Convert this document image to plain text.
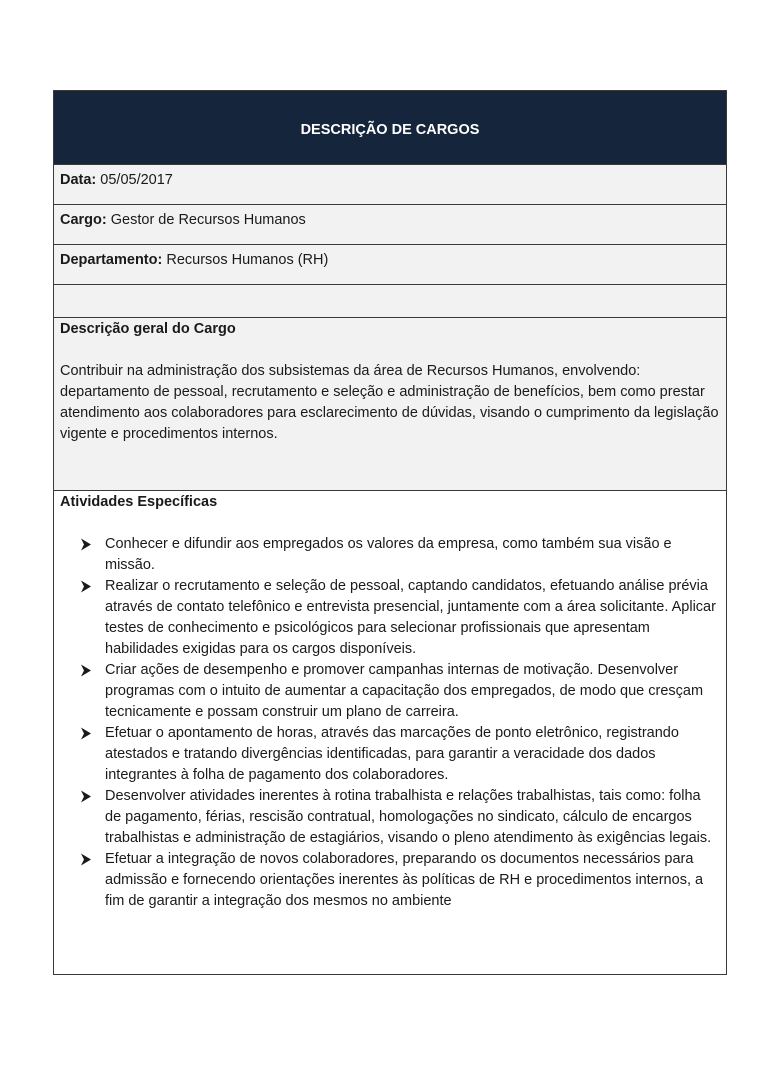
DESCRIÇÃO DE CARGOS
Data: 05/05/2017
Cargo: Gestor de Recursos Humanos
Departamento: Recursos Humanos (RH)
Descrição geral do Cargo

Contribuir na administração dos subsistemas da área de Recursos Humanos, envolvendo: departamento de pessoal, recrutamento e seleção e administração de benefícios, bem como prestar atendimento aos colaboradores para esclarecimento de dúvidas, visando o cumprimento da legislação vigente e procedimentos internos.

Atividades Específicas
Conhecer e difundir aos empregados os valores da empresa, como também sua visão e missão.
Realizar o recrutamento e seleção de pessoal, captando candidatos, efetuando análise prévia através de contato telefônico e entrevista presencial, juntamente com a área solicitante. Aplicar testes de conhecimento e psicológicos para selecionar profissionais que apresentam habilidades exigidas para os cargos disponíveis.
Criar ações de desempenho e promover campanhas internas de motivação. Desenvolver programas com o intuito de aumentar a capacitação dos empregados, de modo que cresçam tecnicamente e possam construir um plano de carreira.
Efetuar o apontamento de horas, através das marcações de ponto eletrônico, registrando atestados e tratando divergências identificadas, para garantir a veracidade dos dados integrantes à folha de pagamento dos colaboradores.
Desenvolver atividades inerentes à rotina trabalhista e relações trabalhistas, tais como: folha de pagamento, férias, rescisão contratual, homologações no sindicato, cálculo de encargos trabalhistas e administração de estagiários, visando o pleno atendimento às exigências legais.
Efetuar a integração de novos colaboradores, preparando os documentos necessários para admissão e fornecendo orientações inerentes às políticas de RH e procedimentos internos, a fim de garantir a integração dos mesmos no ambiente
